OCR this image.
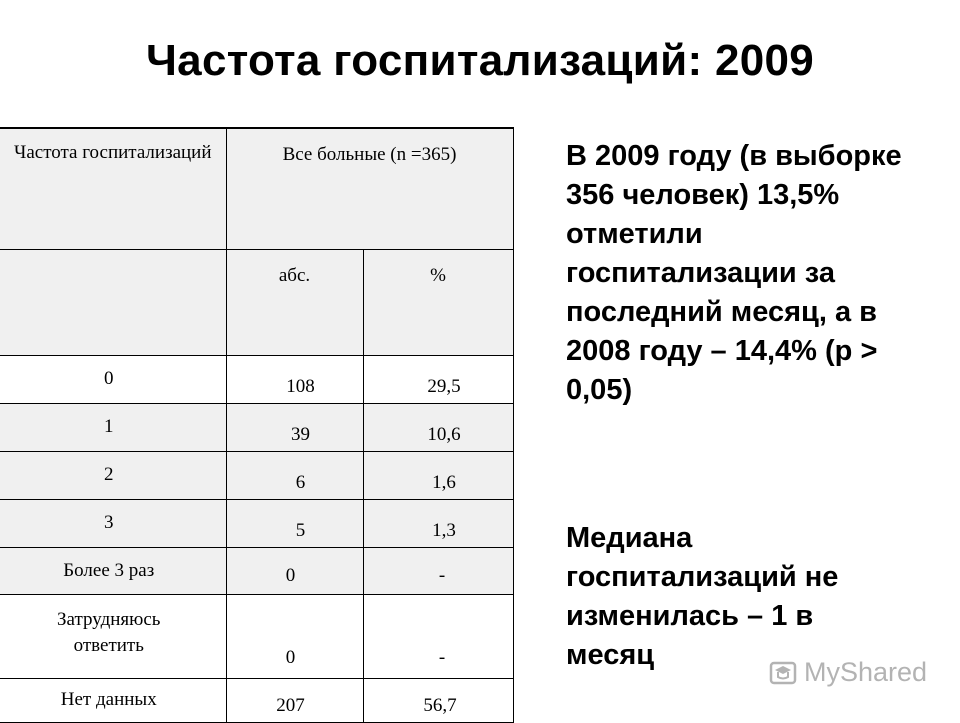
Частота госпитализаций: 2009
Частота госпитализаций	Все больные (n =365)	

	абс.	%

0	108	29,5

1	39	10,6

2	6	1,6

3	5	1,3

Более 3 раз	0	-

Затрудняюсь ответить	0	-

Нет данных	207	56,7
В 2009 году (в выборке 356 человек) 13,5% отметили госпитализации за последний месяц, а в 2008 году – 14,4% (р > 0,05)
Медиана госпитализаций не изменилась – 1 в месяц
MyShared
